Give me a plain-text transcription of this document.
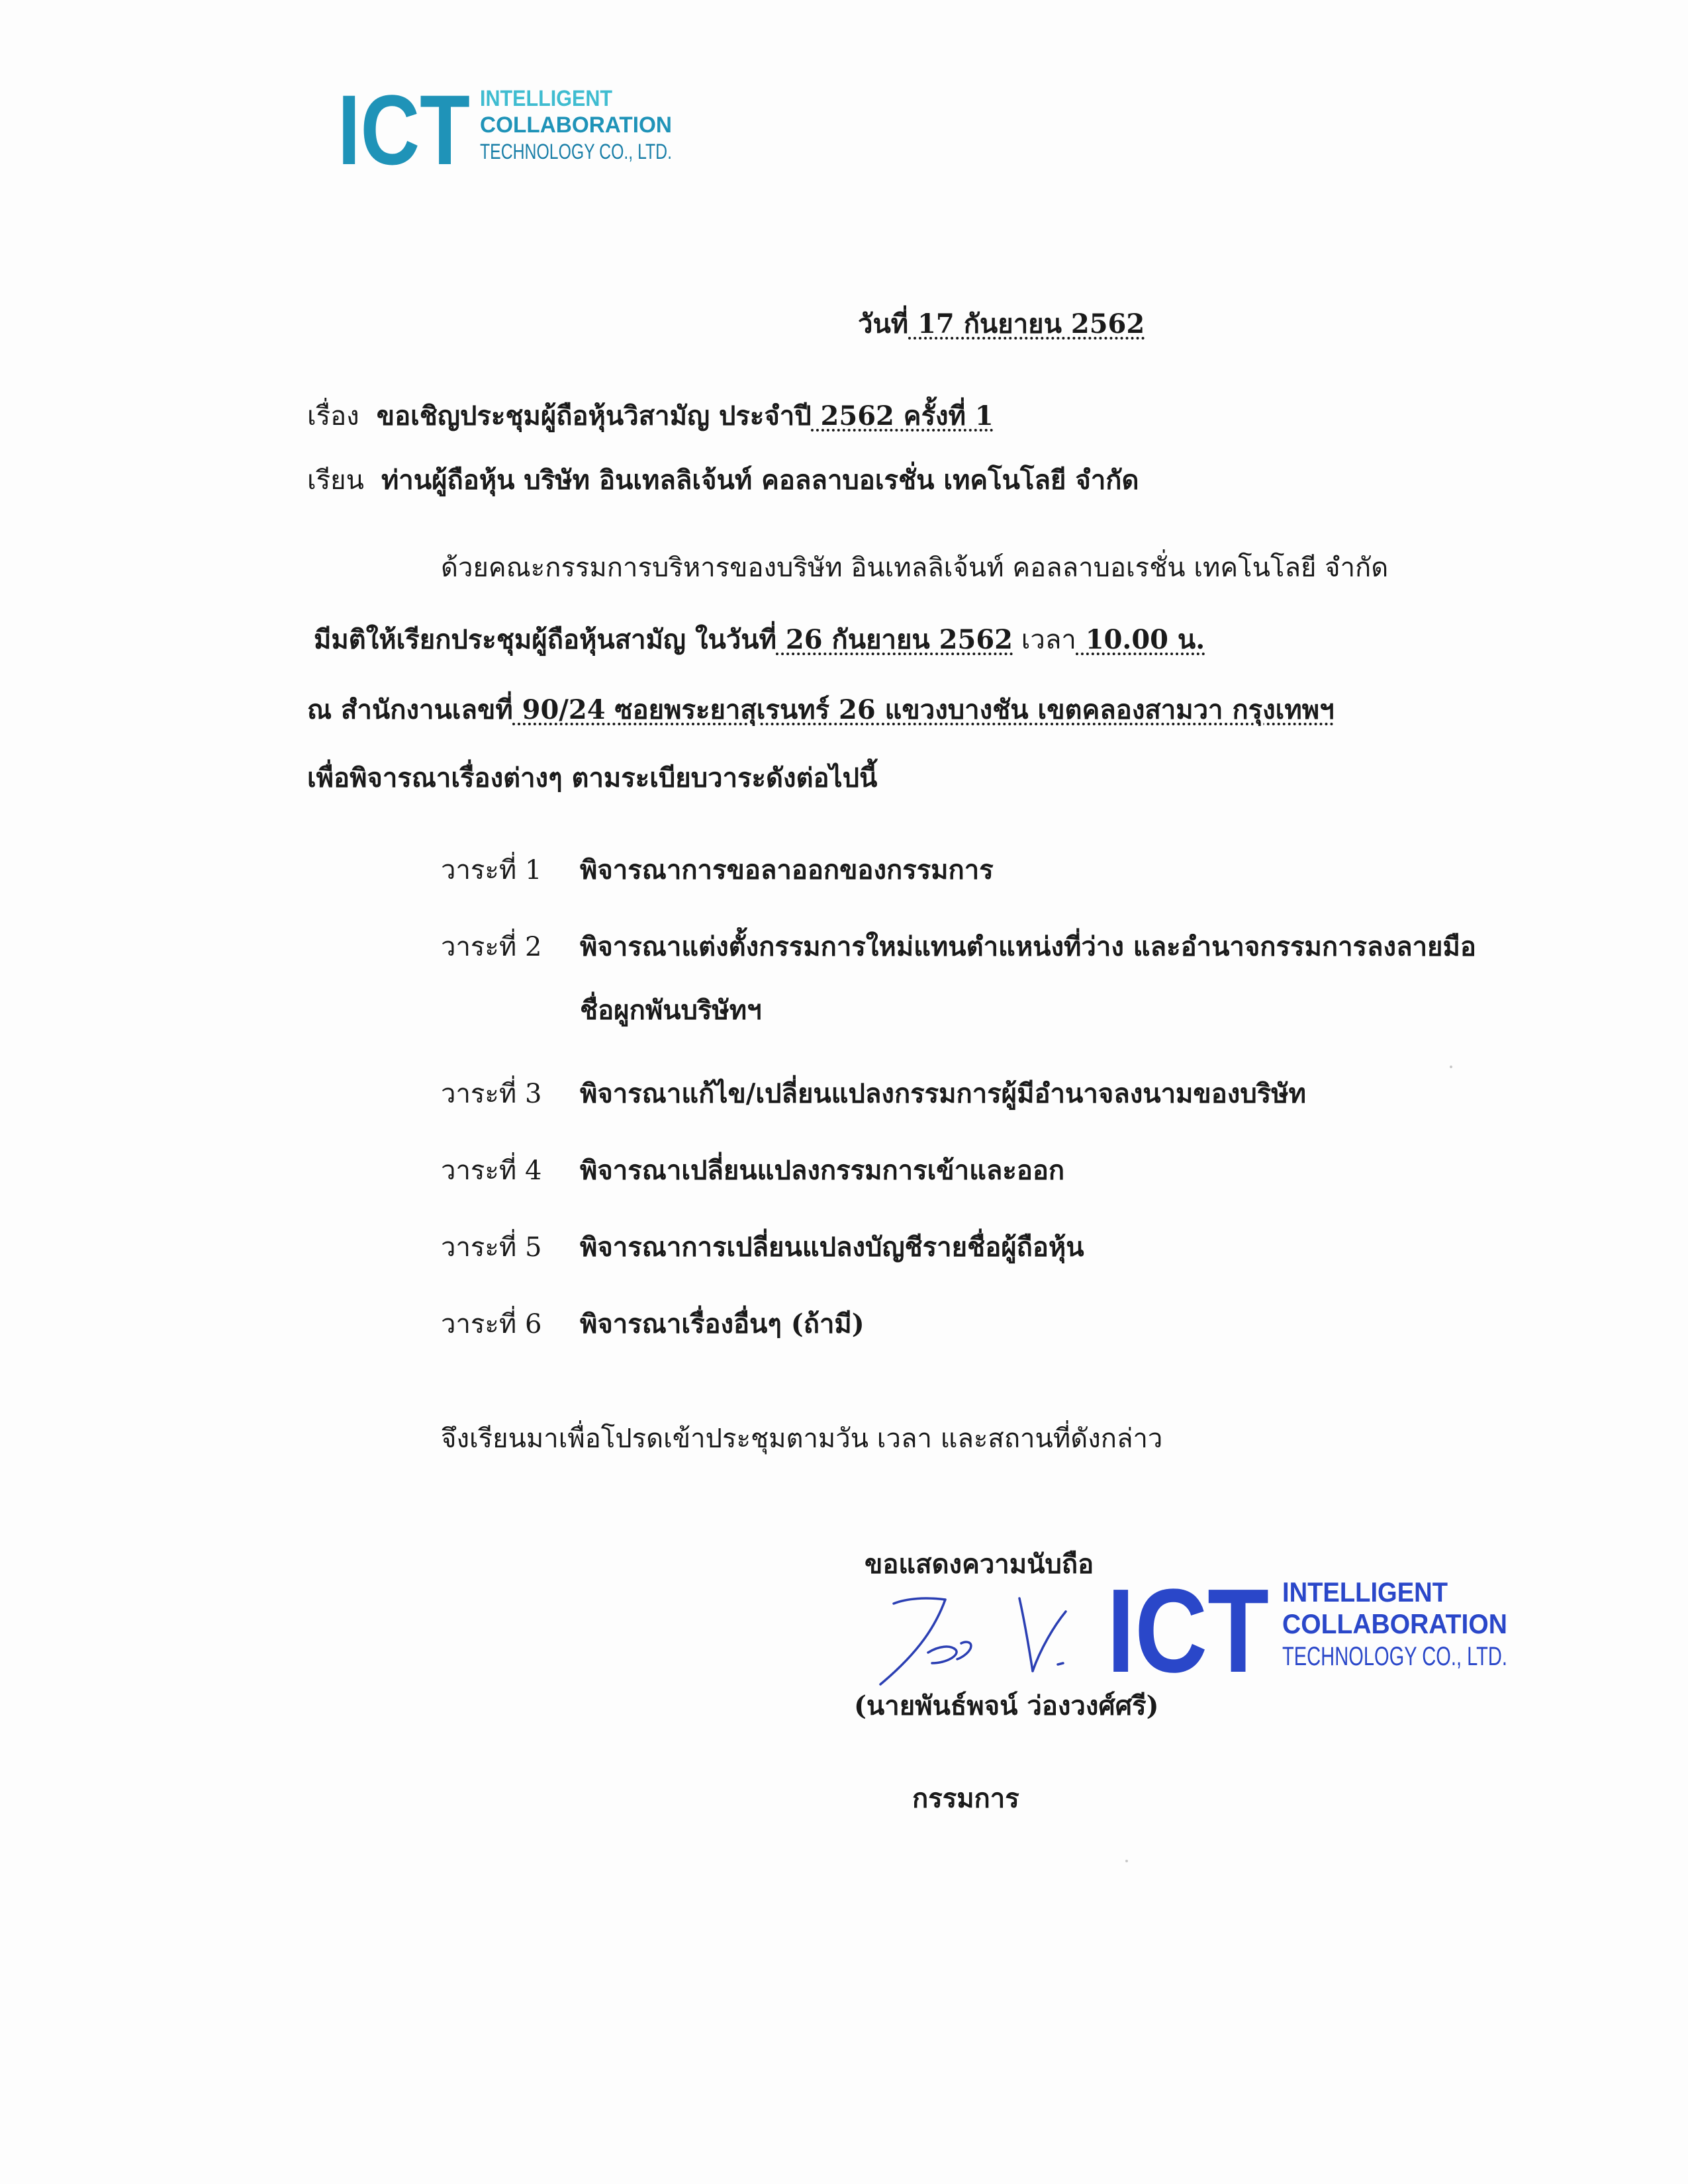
ICT INTELLIGENT
COLLABORATION
TECHNOLOGY CO., LTD.
วันที่ 17 กันยายน 2562
เรื่อง ขอเชิญประชุมผู้ถือหุ้นวิสามัญ ประจำปี 2562 ครั้งที่ 1
เรียน ท่านผู้ถือหุ้น บริษัท อินเทลลิเจ้นท์ คอลลาบอเรชั่น เทคโนโลยี จำกัด
ด้วยคณะกรรมการบริหารของบริษัท อินเทลลิเจ้นท์ คอลลาบอเรชั่น เทคโนโลยี จำกัด
มีมติให้เรียกประชุมผู้ถือหุ้นสามัญ ในวันที่ 26 กันยายน 2562 เวลา 10.00 น.
ณ สำนักงานเลขที่ 90/24 ซอยพระยาสุเรนทร์ 26 แขวงบางชัน เขตคลองสามวา กรุงเทพฯ
เพื่อพิจารณาเรื่องต่างๆ ตามระเบียบวาระดังต่อไปนี้
วาระที่ 1	พิจารณาการขอลาออกของกรรมการ
วาระที่ 2	พิจารณาแต่งตั้งกรรมการใหม่แทนตำแหน่งที่ว่าง และอำนาจกรรมการลงลายมือชื่อผูกพันบริษัทฯ
วาระที่ 3	พิจารณาแก้ไข/เปลี่ยนแปลงกรรมการผู้มีอำนาจลงนามของบริษัท
วาระที่ 4	พิจารณาเปลี่ยนแปลงกรรมการเข้าและออก
วาระที่ 5	พิจารณาการเปลี่ยนแปลงบัญชีรายชื่อผู้ถือหุ้น
วาระที่ 6	พิจารณาเรื่องอื่นๆ (ถ้ามี)
จึงเรียนมาเพื่อโปรดเข้าประชุมตามวัน เวลา และสถานที่ดังกล่าว
ขอแสดงความนับถือ
ICT INTELLIGENT
COLLABORATION
TECHNOLOGY CO., LTD.
(นายพันธ์พจน์ ว่องวงศ์ศรี)
กรรมการ
